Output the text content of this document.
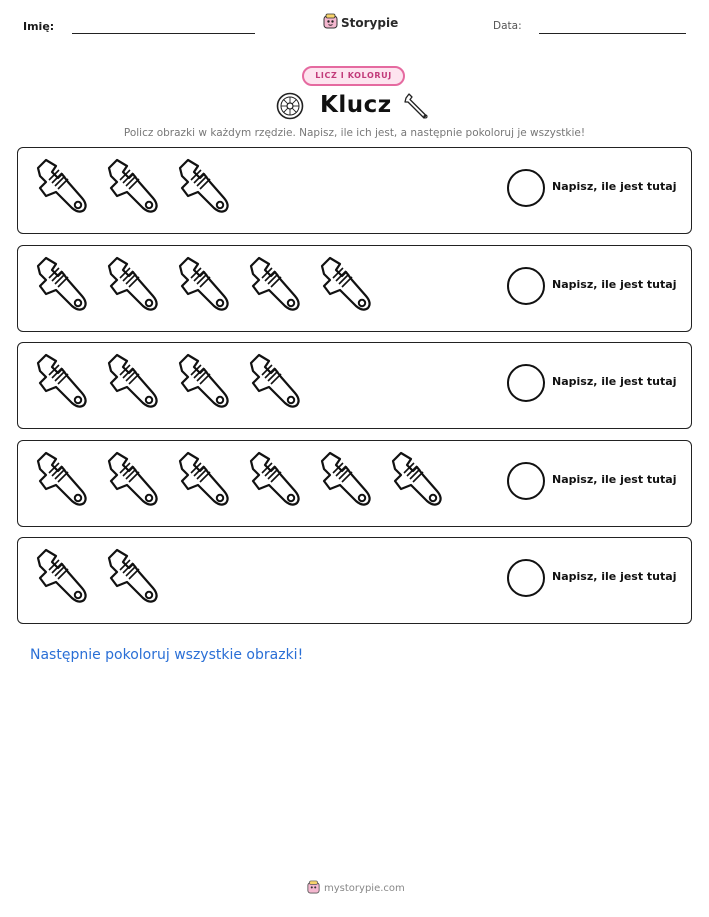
Imię:	Storypie	Data:
LICZ I KOLORUJ
Klucz
Policz obrazki w każdym rzędzie. Napisz, ile ich jest, a następnie pokoloruj je wszystkie!
Napisz, ile jest tutaj
Napisz, ile jest tutaj
Napisz, ile jest tutaj
Napisz, ile jest tutaj
Napisz, ile jest tutaj
Następnie pokoloruj wszystkie obrazki!
mystorypie.com
